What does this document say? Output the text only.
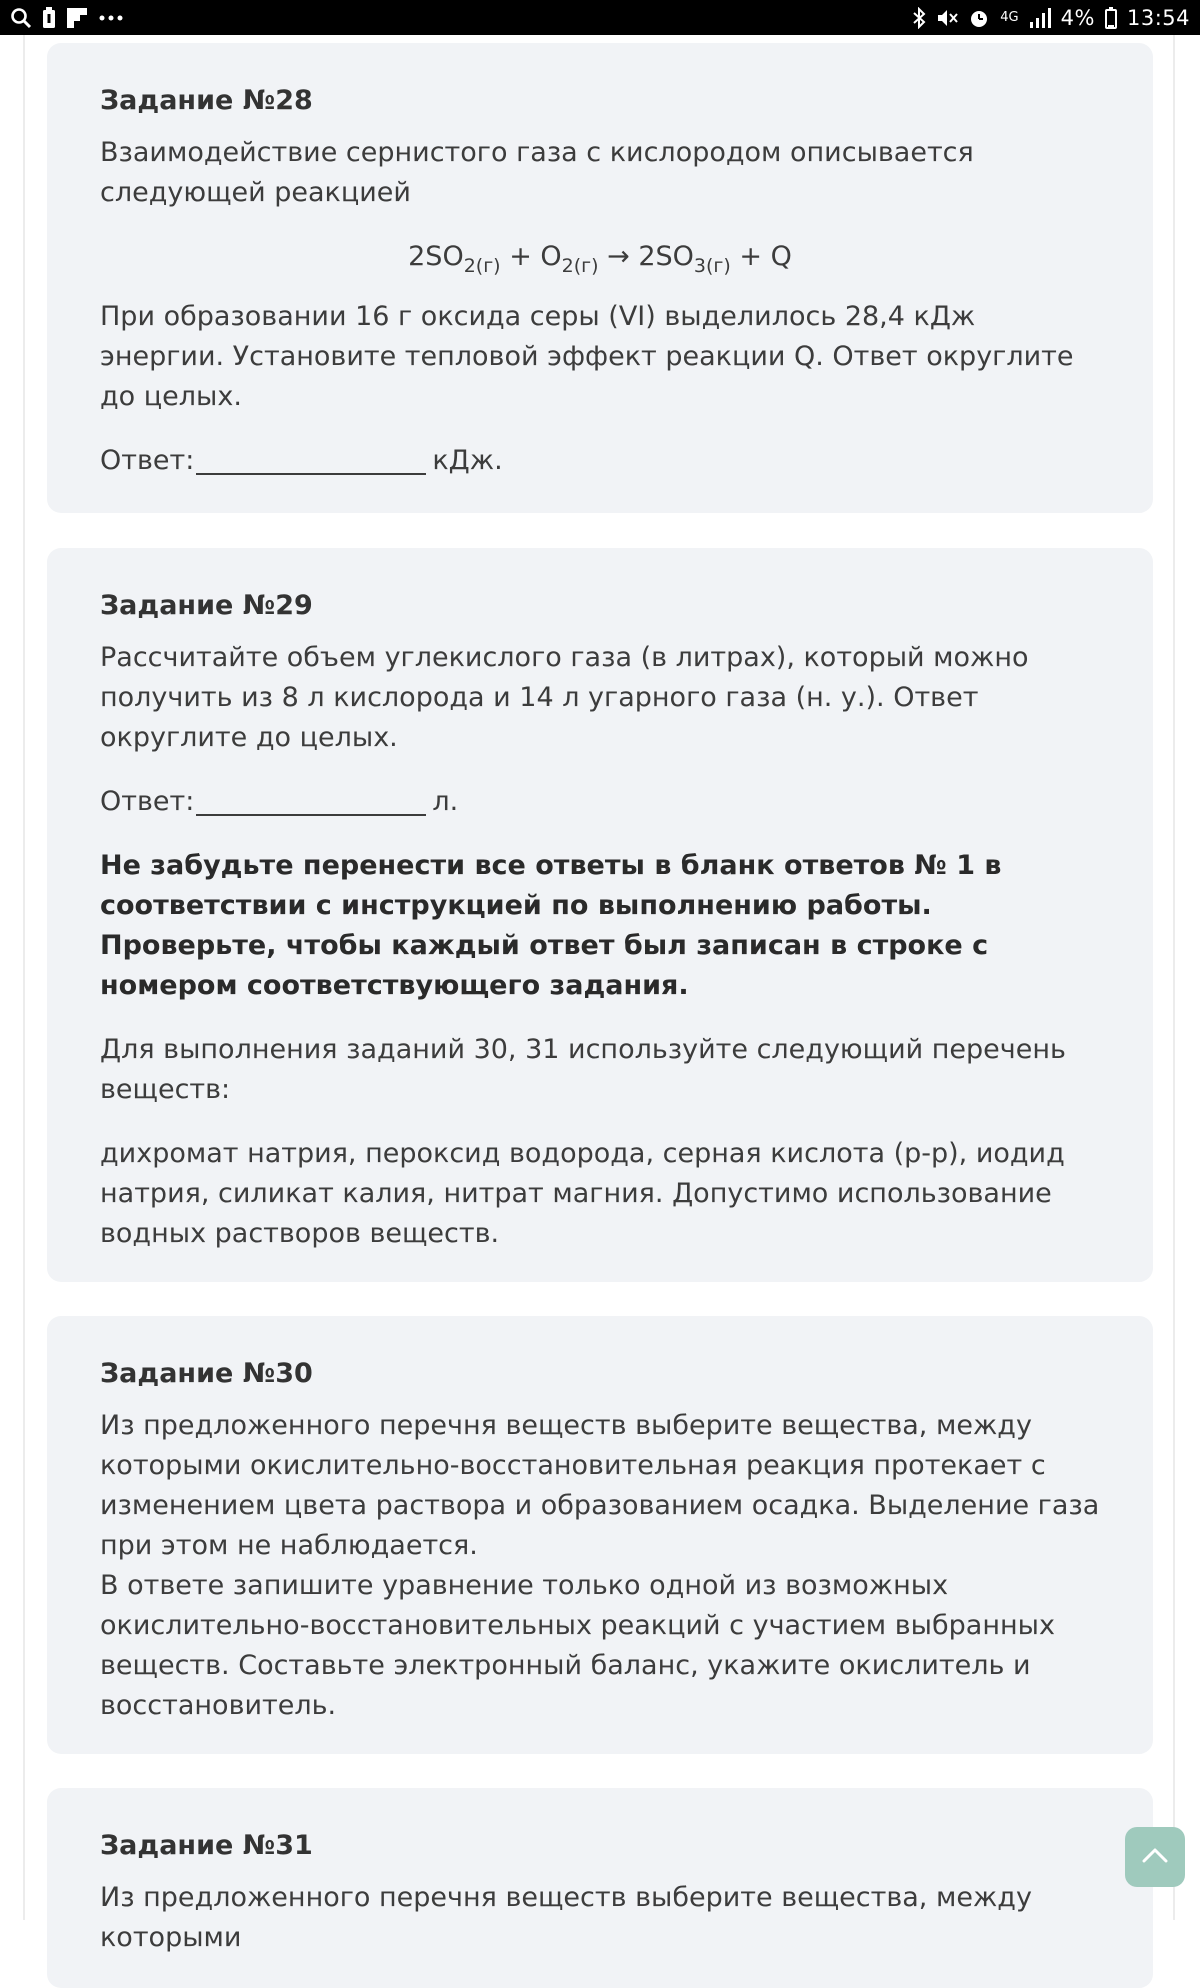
4G 4% 13:54
Задание №28

Взаимодействие сернистого газа с кислородом описывается следующей реакцией

$2SO_{2(г)} + O_{2(г)} \to 2SO_{3(г)} + Q$

При образовании 16 г оксида серы (VI) выделилось 28,4 кДж энергии. Установите тепловой эффект реакции Q. Ответ округлите до целых.

Ответ:	кДж.
Задание №29

Рассчитайте объем углекислого газа (в литрах), который можно получить из 8 л кислорода и 14 л угарного газа (н. у.). Ответ округлите до целых.

Ответ:	л.

Не забудьте перенести все ответы в бланк ответов № 1 в соответствии с инструкцией по выполнению работы. Проверьте, чтобы каждый ответ был записан в строке с номером соответствующего задания.

Для выполнения заданий 30, 31 используйте следующий перечень веществ:

дихромат натрия, пероксид водорода, серная кислота (р-р), иодид натрия, силикат калия, нитрат магния. Допустимо использование водных растворов веществ.

Задание №30

Из предложенного перечня веществ выберите вещества, между которыми окислительно-восстановительная реакция протекает с изменением цвета раствора и образованием осадка. Выделение газа при этом не наблюдается.

В ответе запишите уравнение только одной из возможных окислительно-восстановительных реакций с участием выбранных веществ. Составьте электронный баланс, укажите окислитель и восстановитель.

Задание №31

Из предложенного перечня веществ выберите вещества, между которыми
